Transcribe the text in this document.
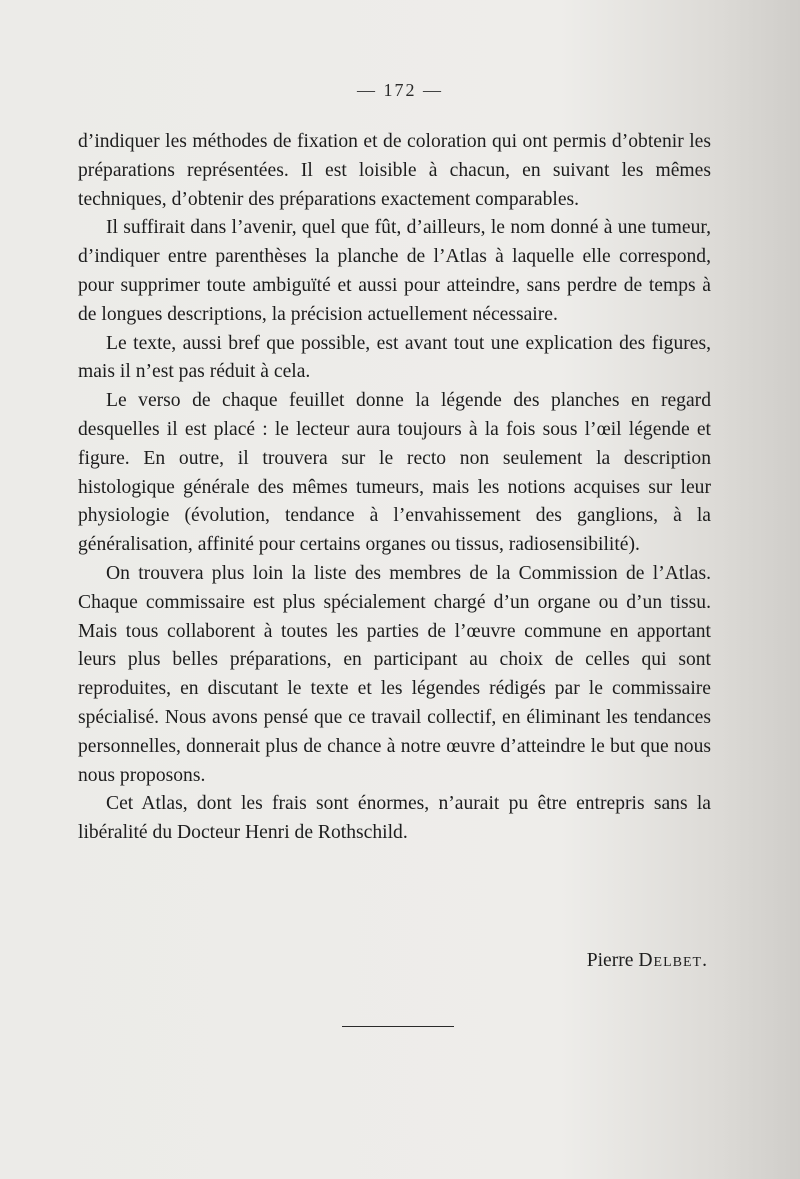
— 172 —

d’indiquer les méthodes de fixation et de coloration qui ont permis d’obtenir les préparations représentées. Il est loisible à chacun, en suivant les mêmes techniques, d’obtenir des préparations exactement comparables.

Il suffirait dans l’avenir, quel que fût, d’ailleurs, le nom donné à une tumeur, d’indiquer entre parenthèses la planche de l’Atlas à laquelle elle correspond, pour supprimer toute ambiguïté et aussi pour atteindre, sans perdre de temps à de longues descriptions, la précision actuellement nécessaire.

Le texte, aussi bref que possible, est avant tout une explication des figures, mais il n’est pas réduit à cela.

Le verso de chaque feuillet donne la légende des planches en regard desquelles il est placé : le lecteur aura toujours à la fois sous l’œil légende et figure. En outre, il trouvera sur le recto non seulement la description histologique générale des mêmes tumeurs, mais les notions acquises sur leur physiologie (évolution, tendance à l’envahissement des ganglions, à la généralisation, affinité pour certains organes ou tissus, radiosensibilité).

On trouvera plus loin la liste des membres de la Commission de l’Atlas. Chaque commissaire est plus spécialement chargé d’un organe ou d’un tissu. Mais tous collaborent à toutes les parties de l’œuvre commune en apportant leurs plus belles préparations, en participant au choix de celles qui sont reproduites, en discutant le texte et les légendes rédigés par le commissaire spécialisé. Nous avons pensé que ce travail collectif, en éliminant les tendances personnelles, donnerait plus de chance à notre œuvre d’atteindre le but que nous nous proposons.

Cet Atlas, dont les frais sont énormes, n’aurait pu être entrepris sans la libéralité du Docteur Henri de Rothschild.

Pierre Delbet.
